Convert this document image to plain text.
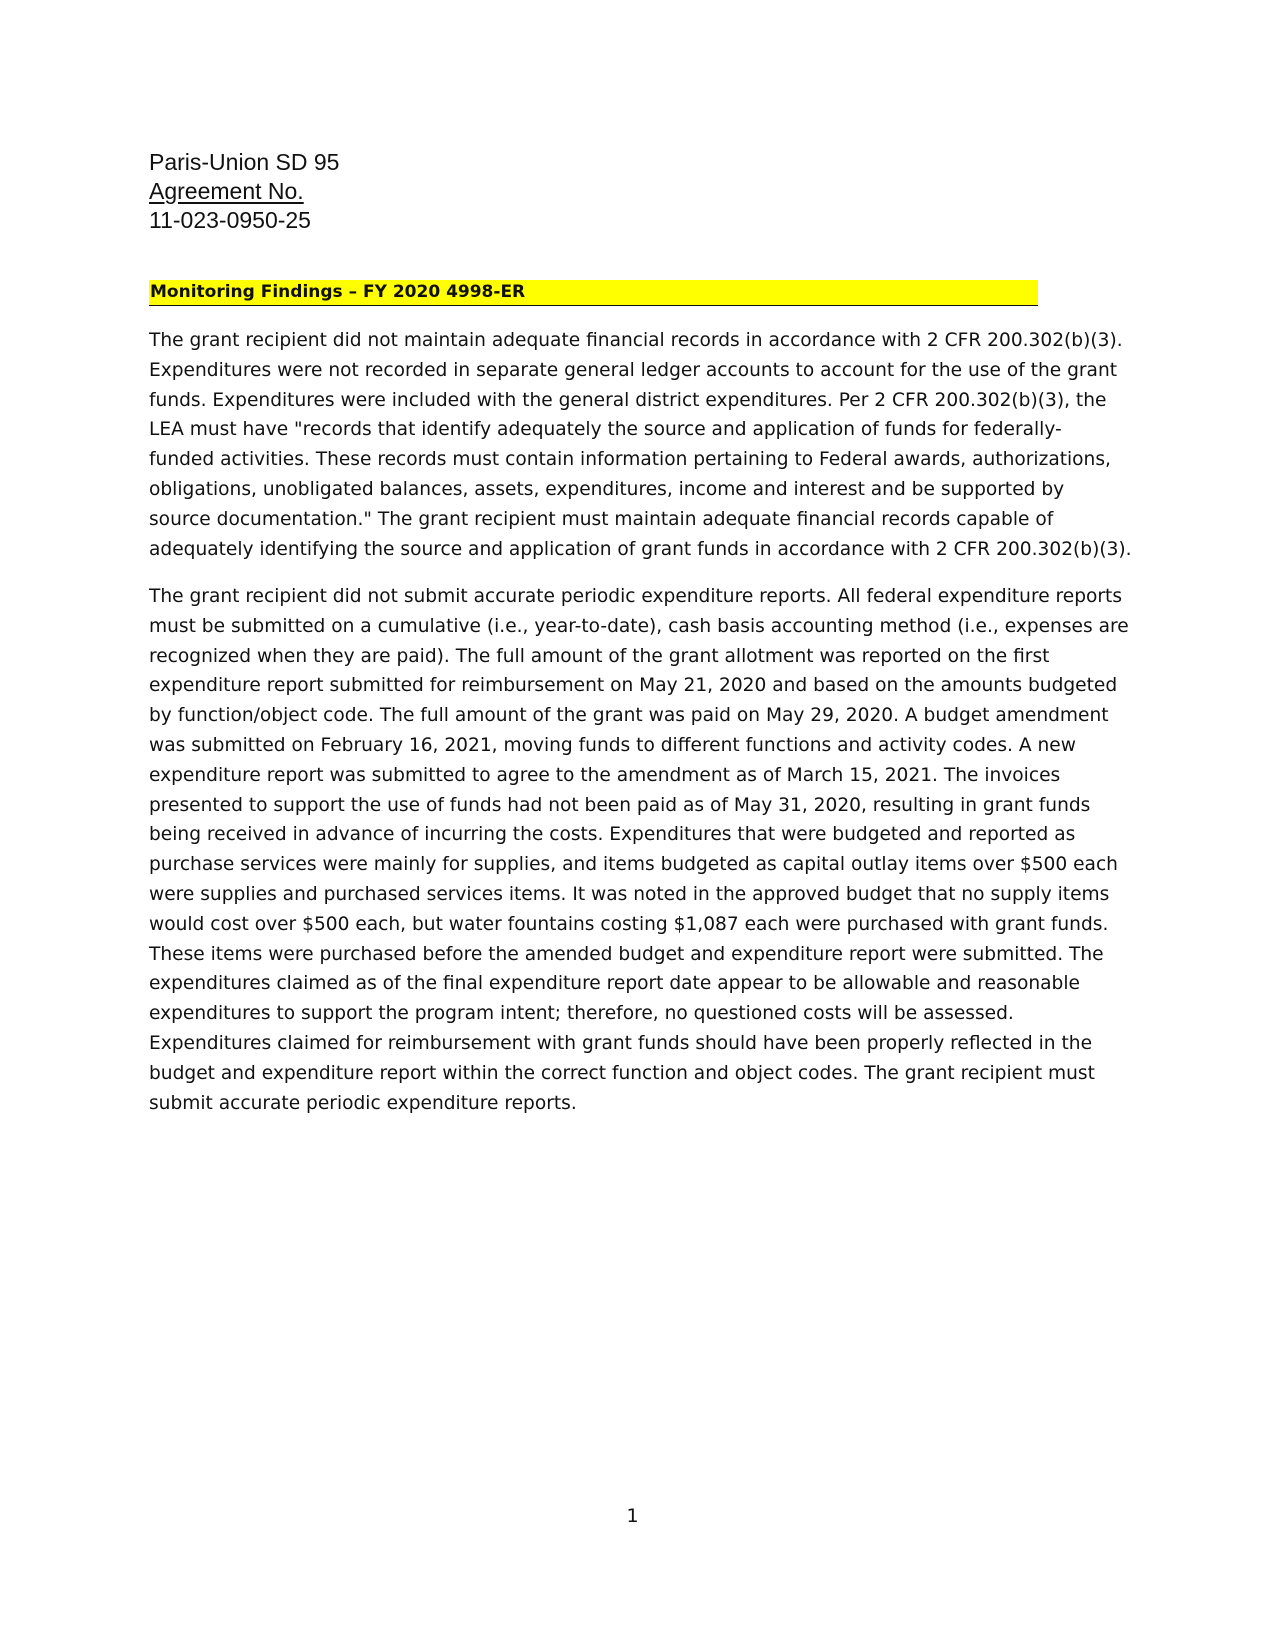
Paris-Union SD 95
Agreement No.
11-023-0950-25
Monitoring Findings – FY 2020 4998-ER
The grant recipient did not maintain adequate financial records in accordance with 2 CFR 200.302(b)(3).
Expenditures were not recorded in separate general ledger accounts to account for the use of the grant
funds. Expenditures were included with the general district expenditures. Per 2 CFR 200.302(b)(3), the
LEA must have "records that identify adequately the source and application of funds for federally-
funded activities. These records must contain information pertaining to Federal awards, authorizations,
obligations, unobligated balances, assets, expenditures, income and interest and be supported by
source documentation." The grant recipient must maintain adequate financial records capable of
adequately identifying the source and application of grant funds in accordance with 2 CFR 200.302(b)(3).
The grant recipient did not submit accurate periodic expenditure reports. All federal expenditure reports
must be submitted on a cumulative (i.e., year-to-date), cash basis accounting method (i.e., expenses are
recognized when they are paid). The full amount of the grant allotment was reported on the first
expenditure report submitted for reimbursement on May 21, 2020 and based on the amounts budgeted
by function/object code. The full amount of the grant was paid on May 29, 2020. A budget amendment
was submitted on February 16, 2021, moving funds to different functions and activity codes. A new
expenditure report was submitted to agree to the amendment as of March 15, 2021. The invoices
presented to support the use of funds had not been paid as of May 31, 2020, resulting in grant funds
being received in advance of incurring the costs. Expenditures that were budgeted and reported as
purchase services were mainly for supplies, and items budgeted as capital outlay items over $500 each
were supplies and purchased services items. It was noted in the approved budget that no supply items
would cost over $500 each, but water fountains costing $1,087 each were purchased with grant funds.
These items were purchased before the amended budget and expenditure report were submitted. The
expenditures claimed as of the final expenditure report date appear to be allowable and reasonable
expenditures to support the program intent; therefore, no questioned costs will be assessed.
Expenditures claimed for reimbursement with grant funds should have been properly reflected in the
budget and expenditure report within the correct function and object codes. The grant recipient must
submit accurate periodic expenditure reports.
1
